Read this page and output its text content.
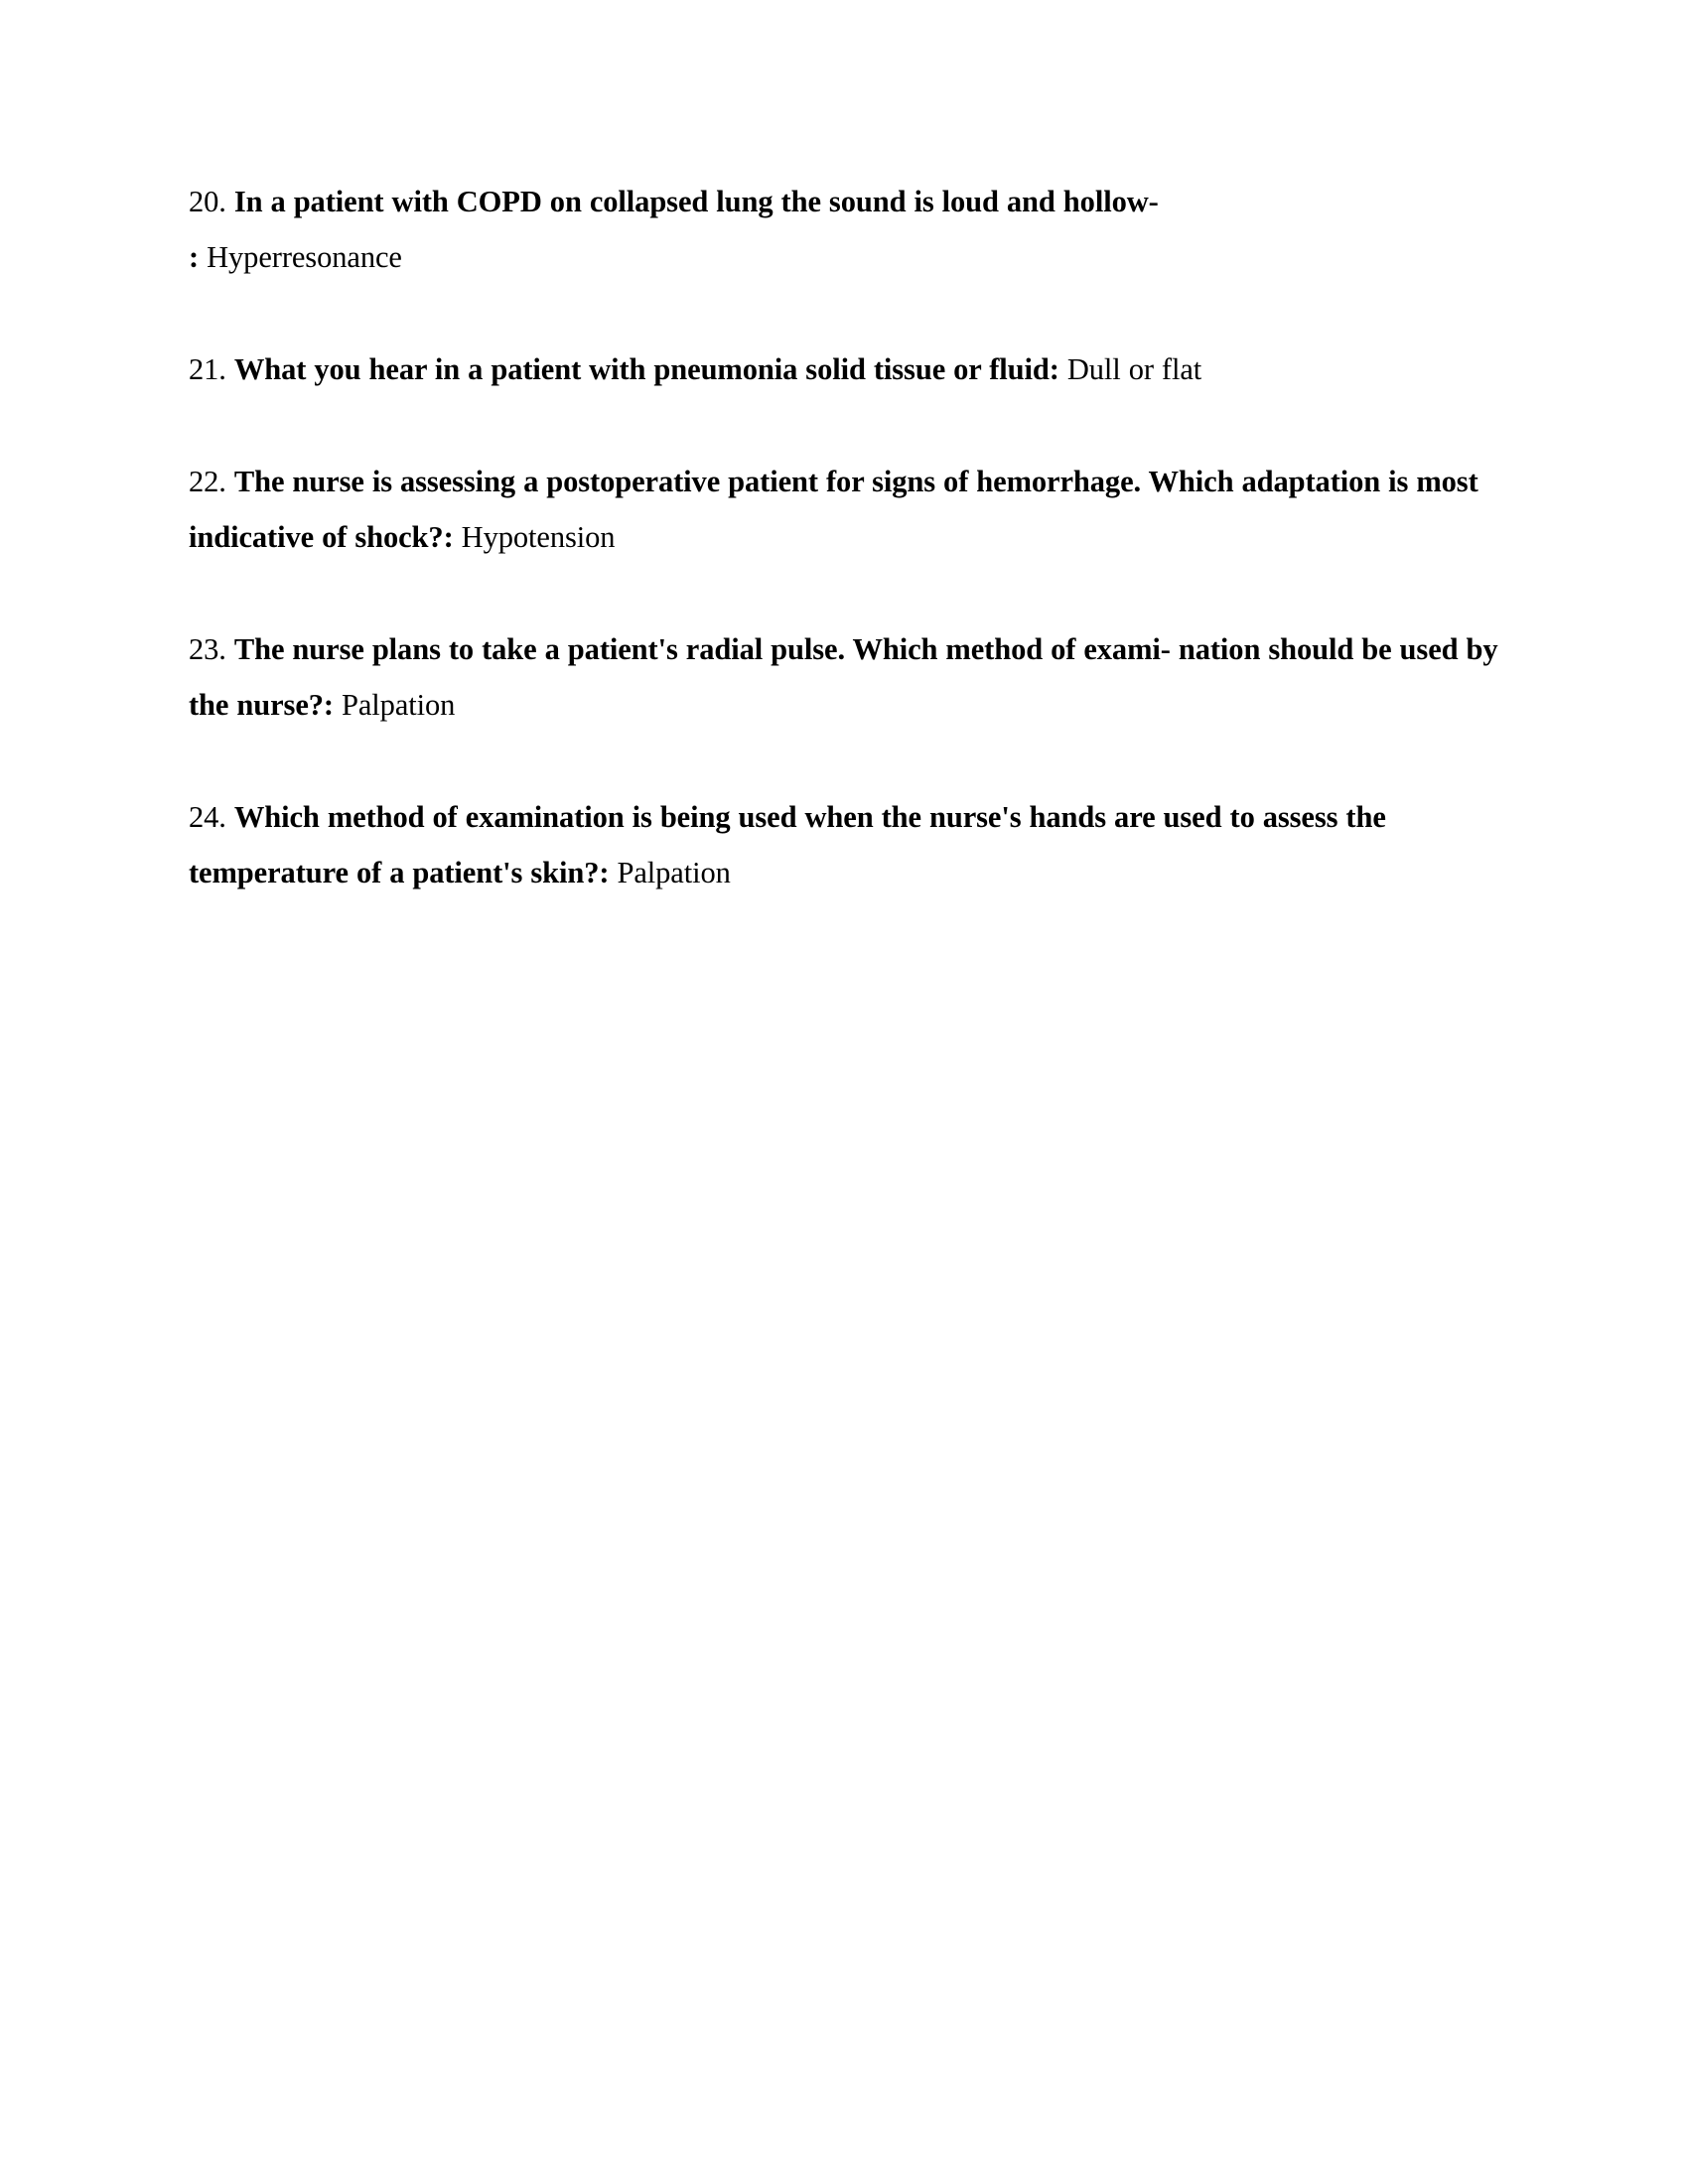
20. In a patient with COPD on collapsed lung the sound is loud and hollow-
: Hyperresonance
21. What you hear in a patient with pneumonia solid tissue or fluid: Dull or flat
22. The nurse is assessing a postoperative patient for signs of hemorrhage. Which adaptation is most indicative of shock?: Hypotension
23. The nurse plans to take a patient's radial pulse. Which method of exami- nation should be used by the nurse?: Palpation
24. Which method of examination is being used when the nurse's hands are used to assess the temperature of a patient's skin?: Palpation
